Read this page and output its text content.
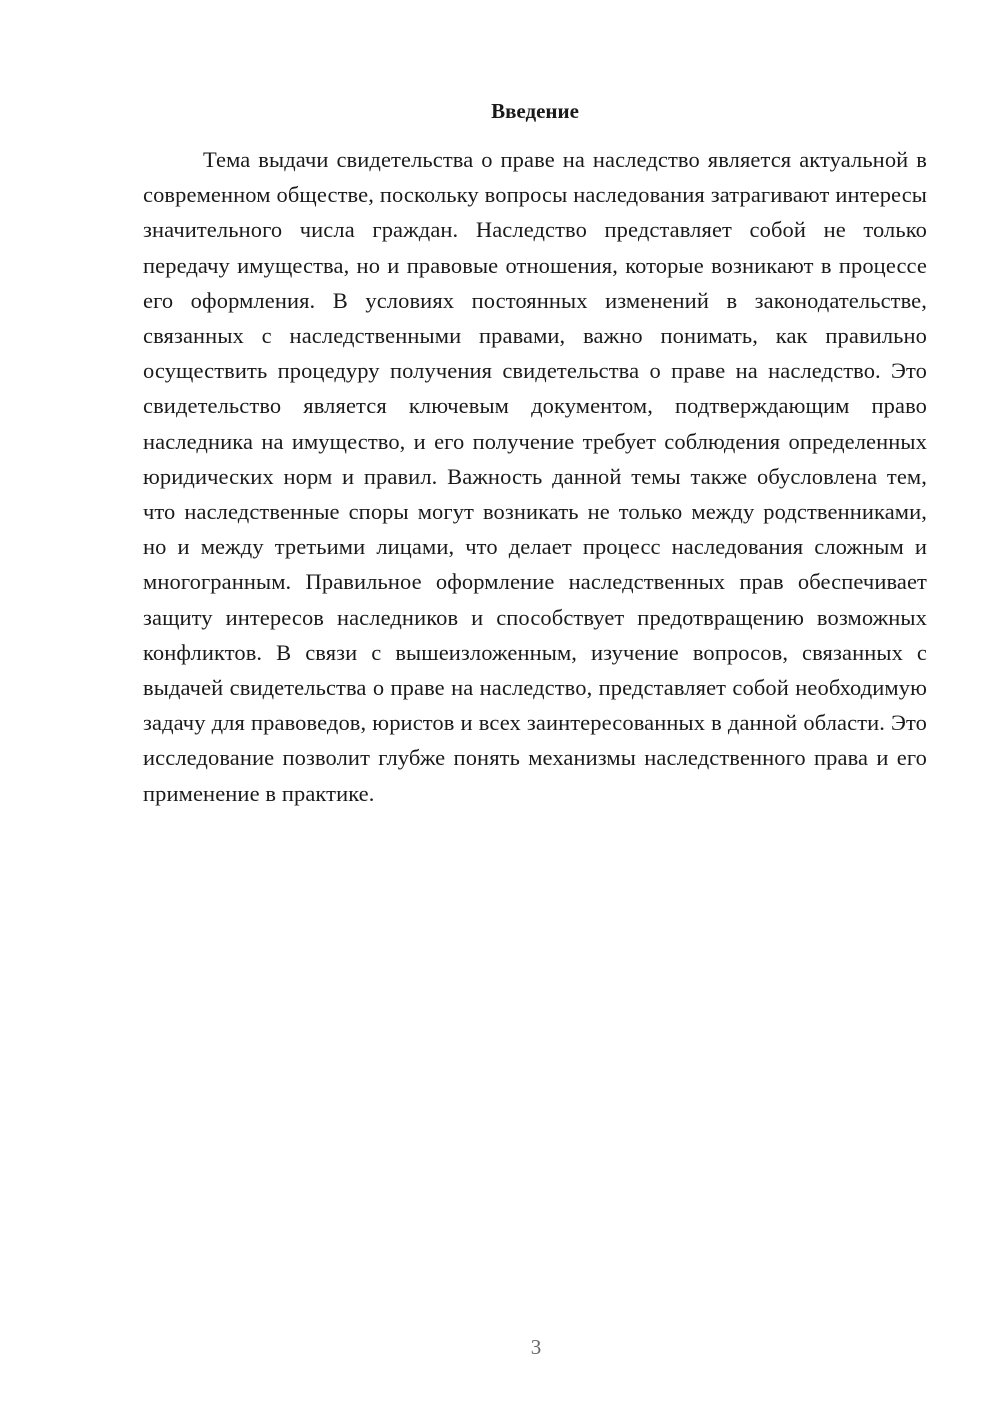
Введение

Тема выдачи свидетельства о праве на наследство является актуальной в современном обществе, поскольку вопросы наследования затрагивают интересы значительного числа граждан. Наследство представляет собой не только передачу имущества, но и правовые отношения, которые возникают в процессе его оформления. В условиях постоянных изменений в законодательстве, связанных с наследственными правами, важно понимать, как правильно осуществить процедуру получения свидетельства о праве на наследство. Это свидетельство является ключевым документом, подтверждающим право наследника на имущество, и его получение требует соблюдения определенных юридических норм и правил. Важность данной темы также обусловлена тем, что наследственные споры могут возникать не только между родственниками, но и между третьими лицами, что делает процесс наследования сложным и многогранным. Правильное оформление наследственных прав обеспечивает защиту интересов наследников и способствует предотвращению возможных конфликтов. В связи с вышеизложенным, изучение вопросов, связанных с выдачей свидетельства о праве на наследство, представляет собой необходимую задачу для правоведов, юристов и всех заинтересованных в данной области. Это исследование позволит глубже понять механизмы наследственного права и его применение в практике.

3
